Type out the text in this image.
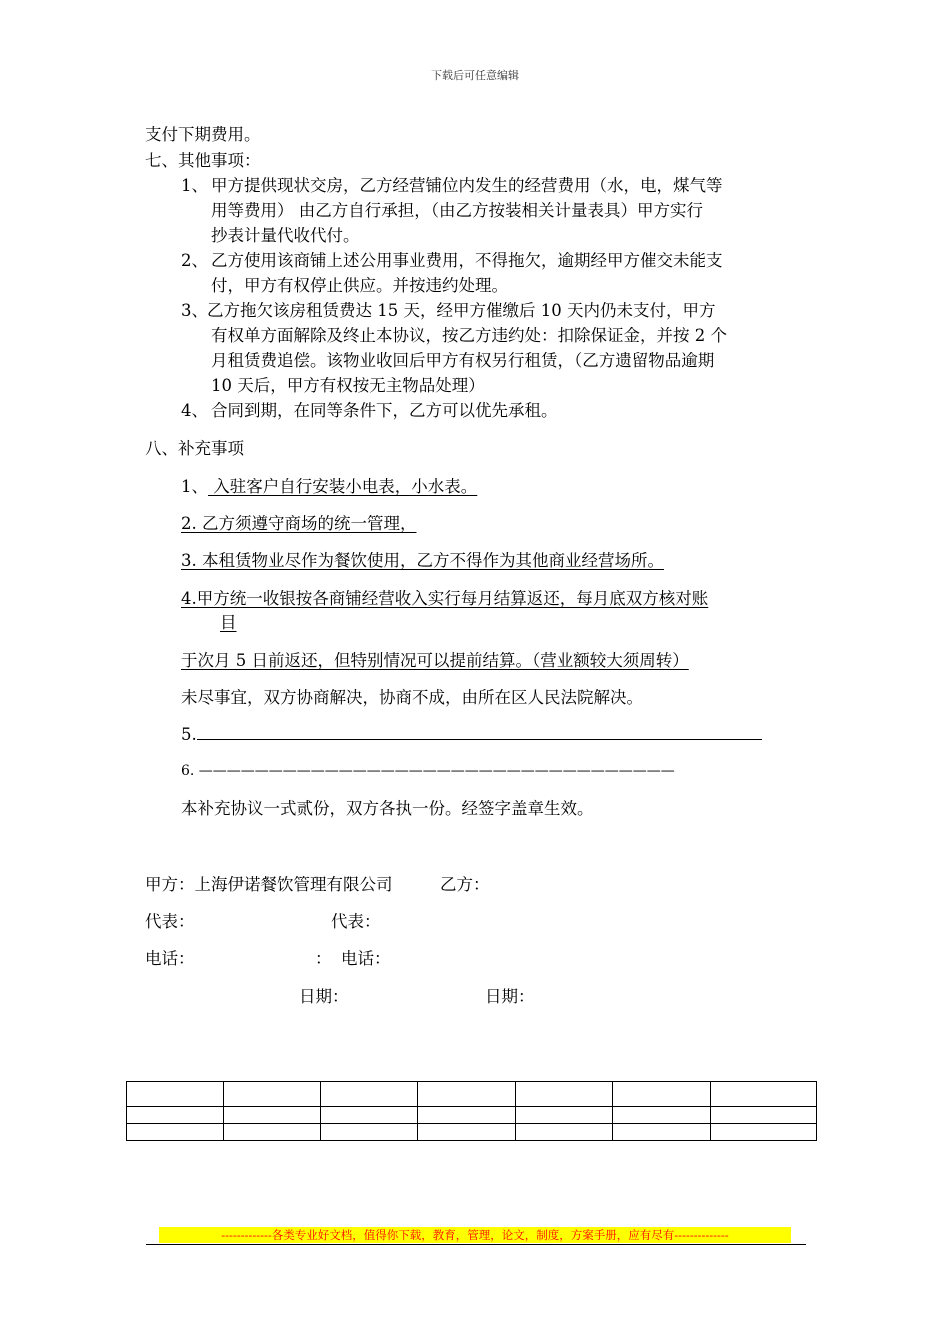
下载后可任意编辑
支付下期费用。
七、其他事项：
1、 甲方提供现状交房，乙方经营铺位内发生的经营费用（水，电，煤气等
用等费用） 由乙方自行承担，（由乙方按装相关计量表具）甲方实行
抄表计量代收代付。
2、 乙方使用该商铺上述公用事业费用，不得拖欠，逾期经甲方催交未能支
付，甲方有权停止供应。并按违约处理。
3、 乙方拖欠该房租赁费达 15 天，经甲方催缴后 10 天内仍未支付，甲方
有权单方面解除及终止本协议，按乙方违约处：扣除保证金，并按 2 个
月租赁费追偿。该物业收回后甲方有权另行租赁，（乙方遗留物品逾期
10 天后，甲方有权按无主物品处理）
4、 合同到期，在同等条件下，乙方可以优先承租。
八、补充事项
1、 入驻客户自行安装小电表，小水表。
2. 乙方须遵守商场的统一管理，
3. 本租赁物业尽作为餐饮使用，乙方不得作为其他商业经营场所。
4.甲方统一收银按各商铺经营收入实行每月结算返还，每月底双方核对账
目
于次月 5 日前返还，但特别情况可以提前结算。（营业额较大须周转）
未尽事宜，双方协商解决，协商不成，由所在区人民法院解决。
5.
6. ——————————————————————————————————
本补充协议一式贰份，双方各执一份。经签字盖章生效。
甲方：上海伊诺餐饮管理有限公司	乙方：
代表：	代表：
电话：	： 电话：
日期：	日期：

-------------各类专业好文档，值得你下载，教育，管理，论文，制度，方案手册，应有尽有--------------
